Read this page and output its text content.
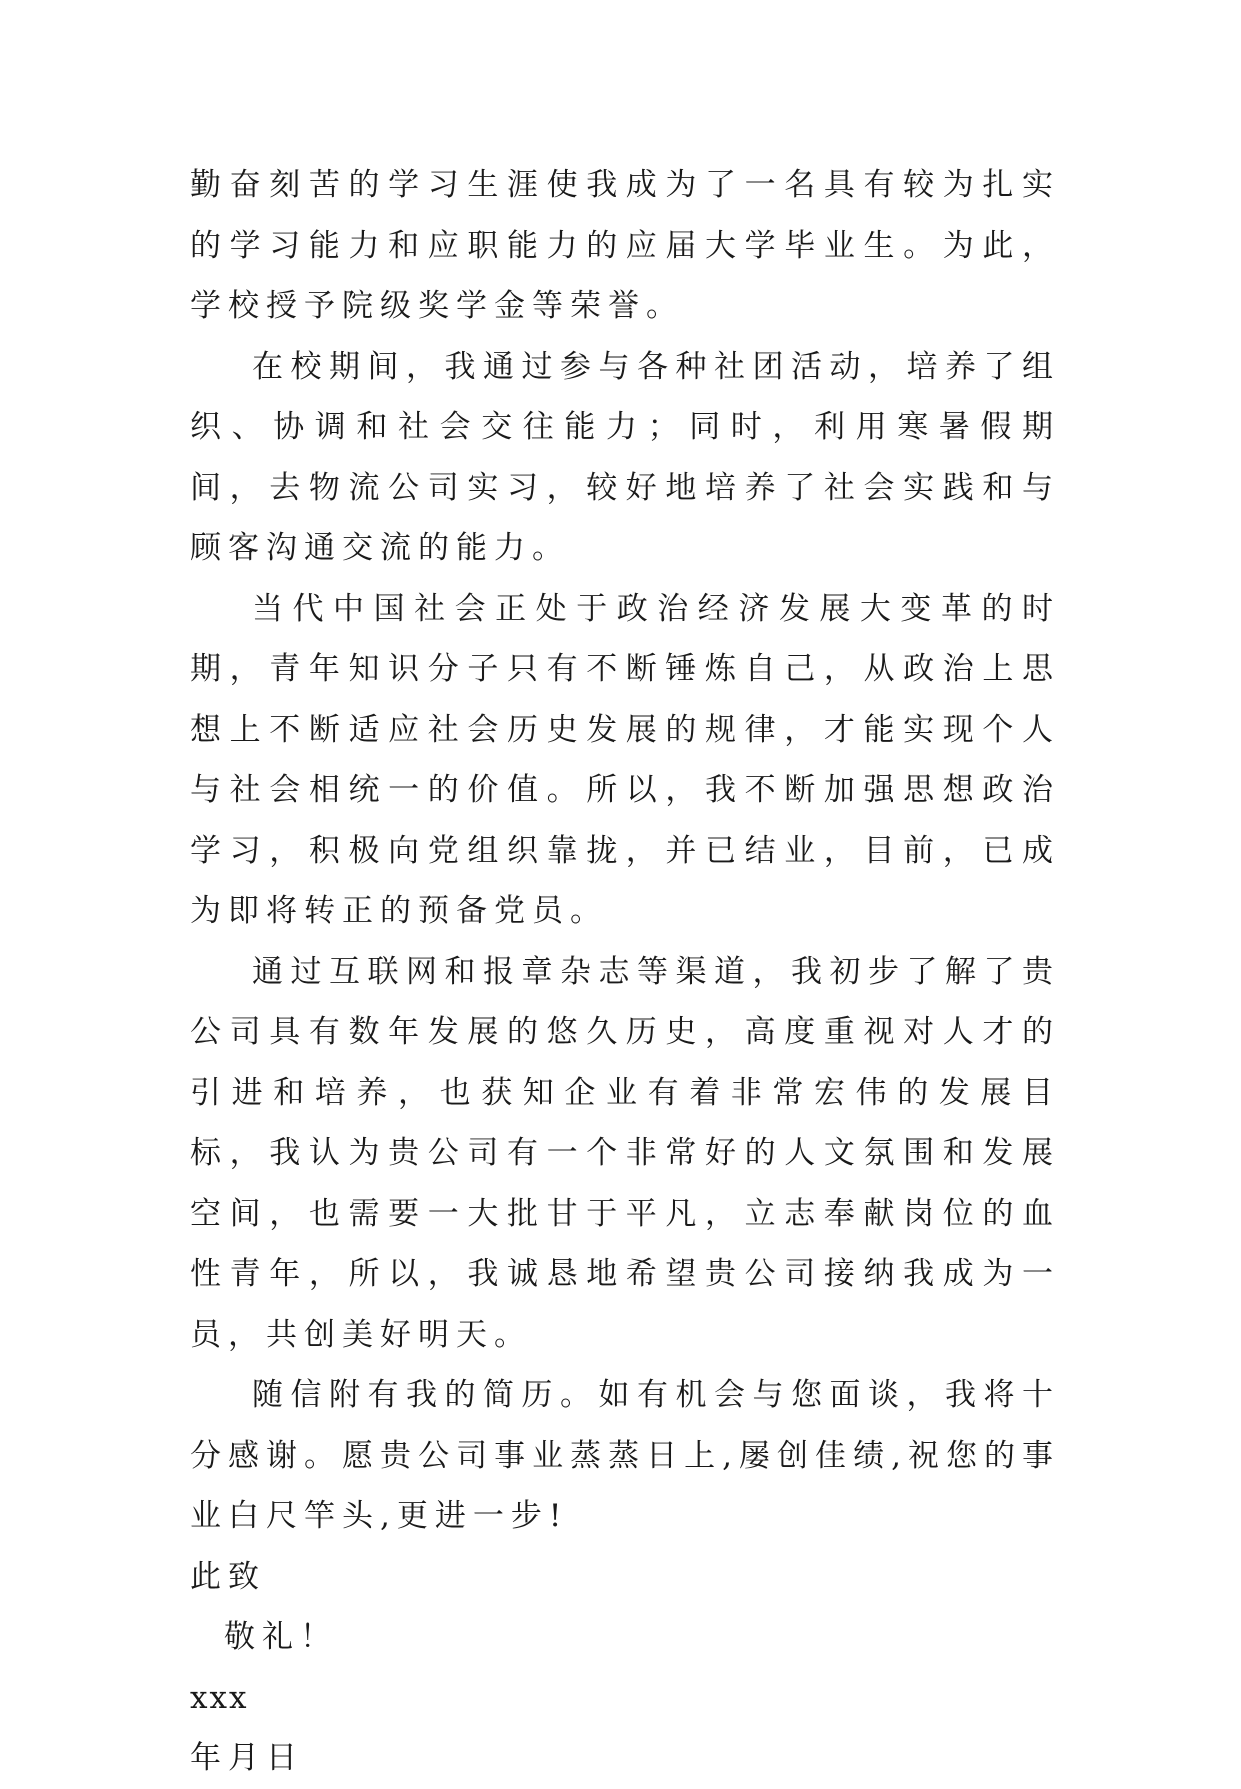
勤奋刻苦的学习生涯使我成为了一名具有较为扎实的学习能力和应职能力的应届大学毕业生。为此，学校授予院级奖学金等荣誉。

在校期间，我通过参与各种社团活动，培养了组织、协调和社会交往能力；同时，利用寒暑假期间，去物流公司实习，较好地培养了社会实践和与顾客沟通交流的能力。

当代中国社会正处于政治经济发展大变革的时期，青年知识分子只有不断锤炼自己，从政治上思想上不断适应社会历史发展的规律，才能实现个人与社会相统一的价值。所以，我不断加强思想政治学习，积极向党组织靠拢，并已结业，目前，已成为即将转正的预备党员。

通过互联网和报章杂志等渠道，我初步了解了贵公司具有数年发展的悠久历史，高度重视对人才的引进和培养，也获知企业有着非常宏伟的发展目标，我认为贵公司有一个非常好的人文氛围和发展空间，也需要一大批甘于平凡，立志奉献岗位的血性青年，所以，我诚恳地希望贵公司接纳我成为一员，共创美好明天。

随信附有我的简历。如有机会与您面谈，我将十分感谢。愿贵公司事业蒸蒸日上,屡创佳绩,祝您的事业白尺竿头,更进一步!

此致

敬礼！

xxx

年月日
